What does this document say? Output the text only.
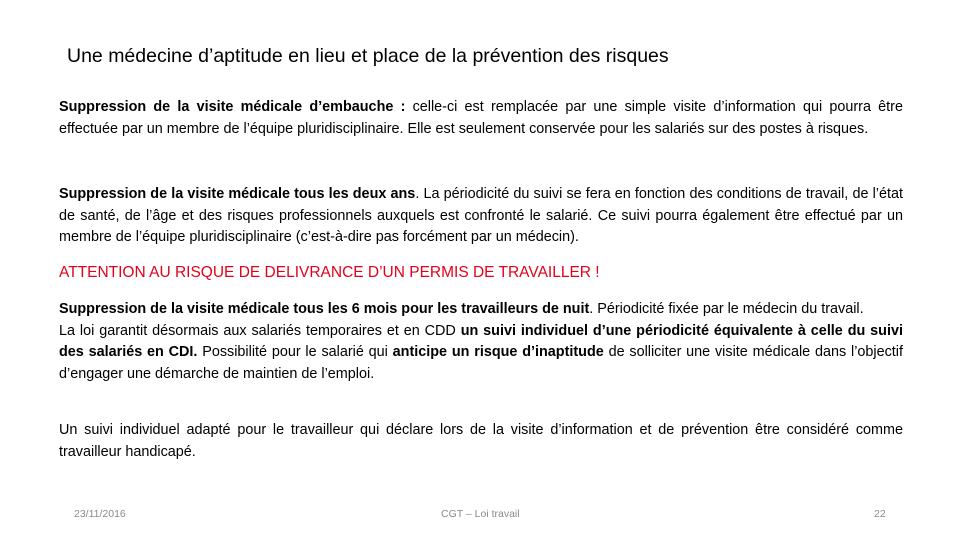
Une médecine d’aptitude en lieu et place de la prévention des risques
Suppression de la visite médicale d’embauche : celle-ci est remplacée par une simple visite d’information qui pourra être effectuée par un membre de l’équipe pluridisciplinaire. Elle est seulement conservée pour les salariés sur des postes à risques.
Suppression de la visite médicale tous les deux ans. La périodicité du suivi se fera en fonction des conditions de travail, de l’état de santé, de l’âge et des risques professionnels auxquels est confronté le salarié. Ce suivi pourra également être effectué par un membre de l’équipe pluridisciplinaire (c’est-à-dire pas forcément par un médecin).
ATTENTION AU RISQUE DE DELIVRANCE D’UN PERMIS DE TRAVAILLER !
Suppression de la visite médicale tous les 6 mois pour les travailleurs de nuit. Périodicité fixée par le médecin du travail.
La loi garantit désormais aux salariés temporaires et en CDD un suivi individuel d’une périodicité équivalente à celle du suivi des salariés en CDI. Possibilité pour le salarié qui anticipe un risque d’inaptitude de solliciter une visite médicale dans l’objectif d’engager une démarche de maintien de l’emploi.
Un suivi individuel adapté pour le travailleur qui déclare lors de la visite d’information et de prévention être considéré comme travailleur handicapé.
23/11/2016	CGT – Loi travail	22
